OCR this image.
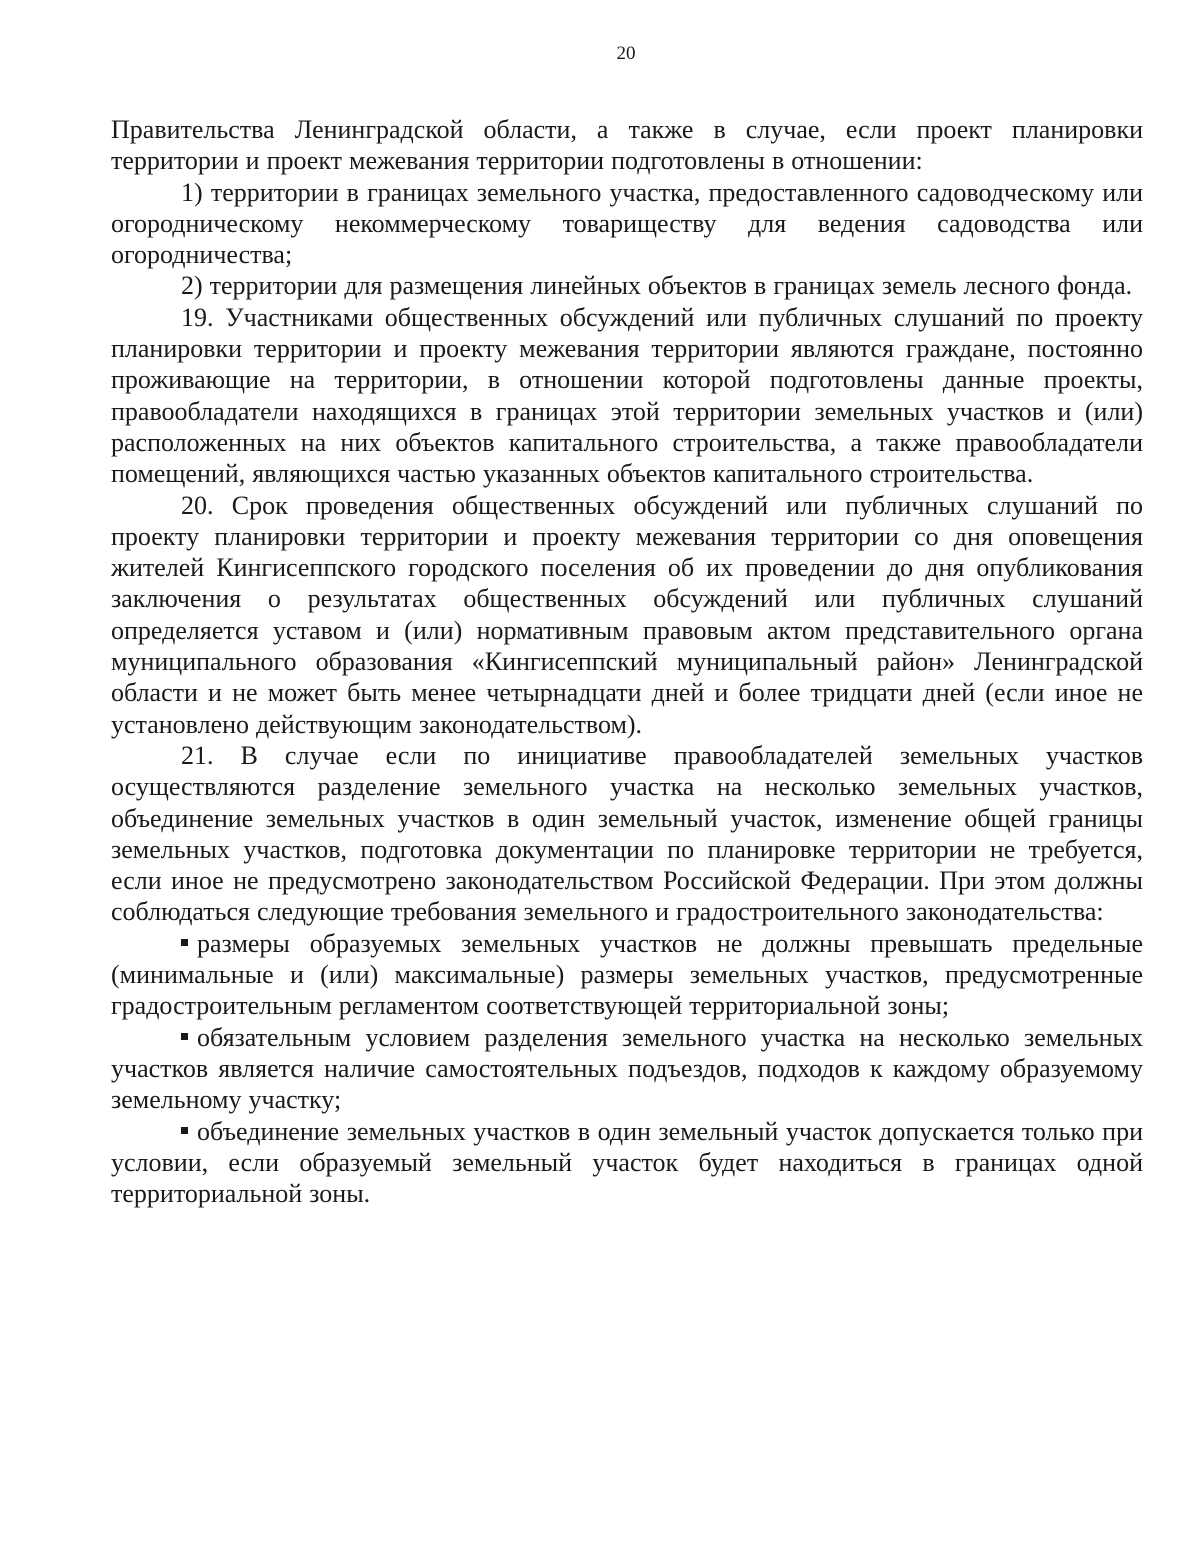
20

Правительства Ленинградской области, а также в случае, если проект планировки территории и проект межевания территории подготовлены в отношении:

1) территории в границах земельного участка, предоставленного садоводческому или огородническому некоммерческому товариществу для ведения садоводства или огородничества;

2) территории для размещения линейных объектов в границах земель лесного фонда.

19. Участниками общественных обсуждений или публичных слушаний по проекту планировки территории и проекту межевания территории являются граждане, постоянно проживающие на территории, в отношении которой подготовлены данные проекты, правообладатели находящихся в границах этой территории земельных участков и (или) расположенных на них объектов капитального строительства, а также правообладатели помещений, являющихся частью указанных объектов капитального строительства.

20. Срок проведения общественных обсуждений или публичных слушаний по проекту планировки территории и проекту межевания территории со дня оповещения жителей Кингисеппского городского поселения об их проведении до дня опубликования заключения о результатах общественных обсуждений или публичных слушаний определяется уставом и (или) нормативным правовым актом представительного органа муниципального образования «Кингисеппский муниципальный район» Ленинградской области и не может быть менее четырнадцати дней и более тридцати дней (если иное не установлено действующим законодательством).

21. В случае если по инициативе правообладателей земельных участков осуществляются разделение земельного участка на несколько земельных участков, объединение земельных участков в один земельный участок, изменение общей границы земельных участков, подготовка документации по планировке территории не требуется, если иное не предусмотрено законодательством Российской Федерации. При этом должны соблюдаться следующие требования земельного и градостроительного законодательства:

размеры образуемых земельных участков не должны превышать предельные (минимальные и (или) максимальные) размеры земельных участков, предусмотренные градостроительным регламентом соответствующей территориальной зоны;

обязательным условием разделения земельного участка на несколько земельных участков является наличие самостоятельных подъездов, подходов к каждому образуемому земельному участку;

объединение земельных участков в один земельный участок допускается только при условии, если образуемый земельный участок будет находиться в границах одной территориальной зоны.
